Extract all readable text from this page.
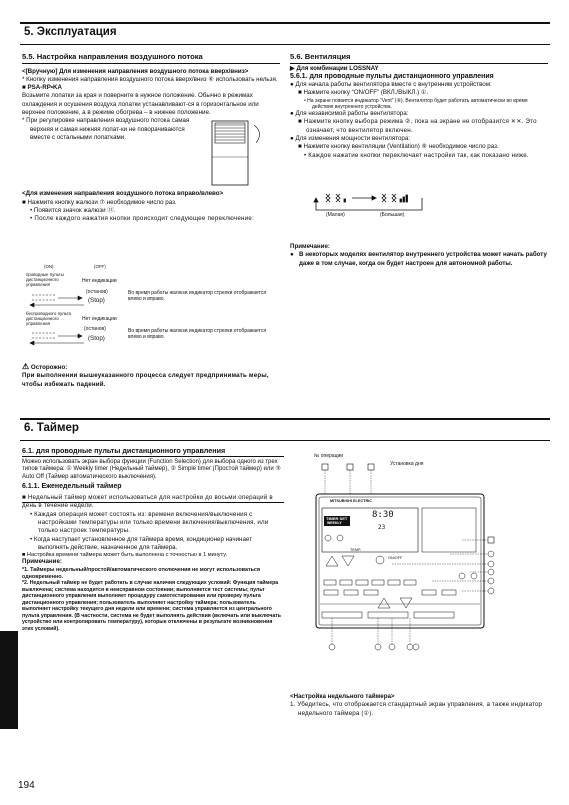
5. Эксплуатация
5.5. Настройка направления воздушного потока
<[Вручную] Для изменения направления воздушного потока вверх/вниз>
* Кнопку изменения направления воздушного потока вверх/вниз ⑥ использовать нельзя.
■ PSA-RP•KA
Возьмите лопатки за края и поверните в нужное положение. Обычно в режимах охлаждения и осушения воздуха лопатки устанавливают-ся в горизонтальное или верхнее положение, а в режиме обогрева – в нижнее положение.
* При регулировке направления воздушного потока самая верхняя и самая нижняя лопат-ки не поворачиваются вместе с остальными лопатками.
<Для изменения направления воздушного потока вправо/влево>
■ Нажмите кнопку жалюзи ⑦ необходимое число раз.
• Появится значок жалюзи ⑬.
• После каждого нажатия кнопки происходит следующее переключение:
(ON)	(OFF)
проводные пульты дистанционного управления
Нет индикации
(останов)
(Stop)
Во время работы жалюзи индикатор стрелки отображается влево и вправо.
беспроводного пульта дистанционного управления
Нет индикации
(останов)
(Stop)
Во время работы жалюзи индикатор стрелки отображается влево и вправо.
⚠ Осторожно:
При выполнении вышеуказанного процесса следует предпринимать меры, чтобы избежать падений.
5.6. Вентиляция
▶ Для комбинации LOSSNAY
5.6.1. для проводные пульты дистанционного управления
● Для начала работы вентилятора вместе с внутренним устройством:
■ Нажмите кнопку “ON/OFF” (ВКЛ./ВЫКЛ.) ①.
• На экране появится индикатор “Vent” (⑧). Вентилятор будет работать автоматически во время действия внутреннего устройства.
● Для независимой работы вентилятора:
■ Нажмите кнопку выбора режима ②, пока на экране не отобразится ✕✕. Это означает, что вентилятор включен.
● Для изменения мощности вентилятора:
■ Нажмите кнопку вентиляции (Ventilation) ⑨ необходимое число раз.
• Каждое нажатие кнопки переключает настройки так, как показано ниже.
(Малая)	(Большая)
Примечание:
● В некоторых моделях вентилятор внутреннего устройства может начать работу даже в том случае, когда он будет настроен для автономной работы.
6. Таймер
6.1. для проводные пульты дистанционного управления
Можно использовать экран выбора функции (Function Selection) для выбора одного из трех типов таймера: ① Weekly timer (Недельный таймер), ② Simple timer (Простой таймер) или ③ Auto Off (Таймер автоматического выключения).
6.1.1. Еженедельный таймер
■ Недельный таймер может использоваться для настройки до восьми операций в день в течение недели.
• Каждая операция может состоять из: времени включения/выключения с настройками температуры или только времени включения/выключения, или только настроек температуры.
• Когда наступает установленное для таймера время, кондиционер начинает выполнять действие, назначенное для таймера.
■ Настройка времени таймера может быть выполнена с точностью в 1 минуту.
Примечание:
*1. Таймеры недельный/простой/автоматического отключения не могут использоваться одновременно.
*2. Недельный таймер не будет работать в случае наличия следующих условий: Функция таймера выключена; система находится в неисправном состоянии; выполняется тест системы; пульт дистанционного управления выполняет процедуру самотестирования или проверку пульта дистанционного управления; пользователь выполняет настройку таймера; пользователь выполняет настройку текущего дня недели или времени; система управляется из центрального пульта управления. (В частности, система не будет выполнять действия (включать или выключать устройство или контролировать температуру), которые отключены в результате возникновения этих условий).
№ операции
Установка дня
MITSUBISHI ELECTRIC
TIMER SET
WEEKLY
8:30
23
TEMP.
ON/OFF
<Настройка недельного таймера>
1. Убедитесь, что отображается стандартный экран управления, а также индикатор недельного таймера (①).
194
